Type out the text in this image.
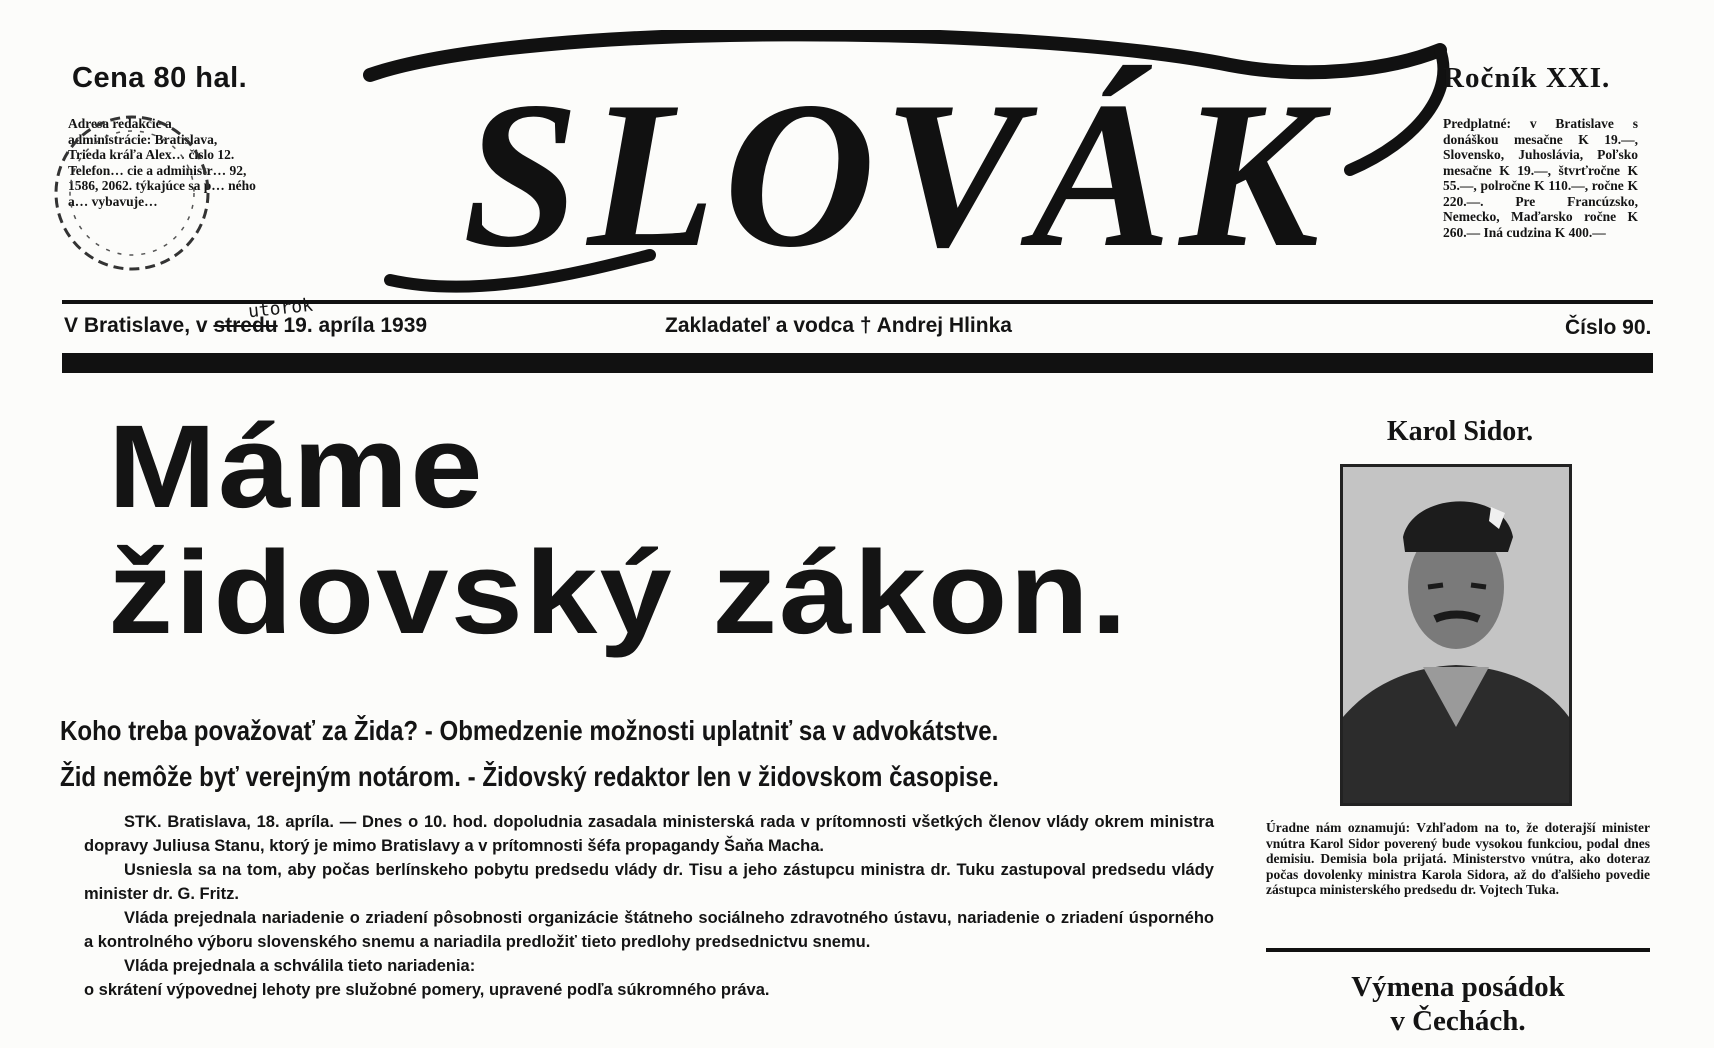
Cena 80 hal.
Adresa redakcie a administrácie: Bratislava, Trieda kráľa Alex… čislo 12. Telefon… cie a administr… 92, 1586, 2062. týkajúce sa p… ného a… vybavuje…	SLOVÁK	Ročník XXI.
Predplatné: v Bratislave s donáškou mesačne K 19.—, Slovensko, Juhoslávia, Poľsko mesačne K 19.—, štvrťročne K 55.—, polročne K 110.—, ročne K 220.—. Pre Francúzsko, Nemecko, Maďarsko ročne K 260.— Iná cudzina K 400.—
V Bratislave, v stredu 19. apríla 1939
utorok
Zakladateľ a vodca † Andrej Hlinka	Číslo 90.
Máme
židovský zákon.
Koho treba považovať za Žida? - Obmedzenie možnosti uplatniť sa v advokátstve.
Žid nemôže byť verejným notárom. - Židovský redaktor len v židovskom časopise.

STK. Bratislava, 18. apríla. — Dnes o 10. hod. dopoludnia zasadala ministerská rada v prítomnosti všetkých členov vlády okrem ministra dopravy Juliusa Stanu, ktorý je mimo Bratislavy a v prítomnosti šéfa propagandy Šaňa Macha.

Usniesla sa na tom, aby počas berlínskeho pobytu predsedu vlády dr. Tisu a jeho zástupcu ministra dr. Tuku zastupoval predsedu vlády minister dr. G. Fritz.

Vláda prejednala nariadenie o zriadení pôsobnosti organizácie štátneho sociálneho zdravotného ústavu, nariadenie o zriadení úsporného a kontrolného výboru slovenského snemu a nariadila predložiť tieto predlohy predsednictvu snemu.

Vláda prejednala a schválila tieto nariadenia:

o skrátení výpovednej lehoty pre služobné pomery, upravené podľa súkromného práva.

Karol Sidor.
Úradne nám oznamujú: Vzhľadom na to, že doterajší minister vnútra Karol Sidor poverený bude vysokou funkciou, podal dnes demisiu. Demisia bola prijatá. Ministerstvo vnútra, ako doteraz počas dovolenky ministra Karola Sidora, až do ďalšieho povedie zástupca ministerského predsedu dr. Vojtech Tuka.
Výmena posádok
v Čechách.
